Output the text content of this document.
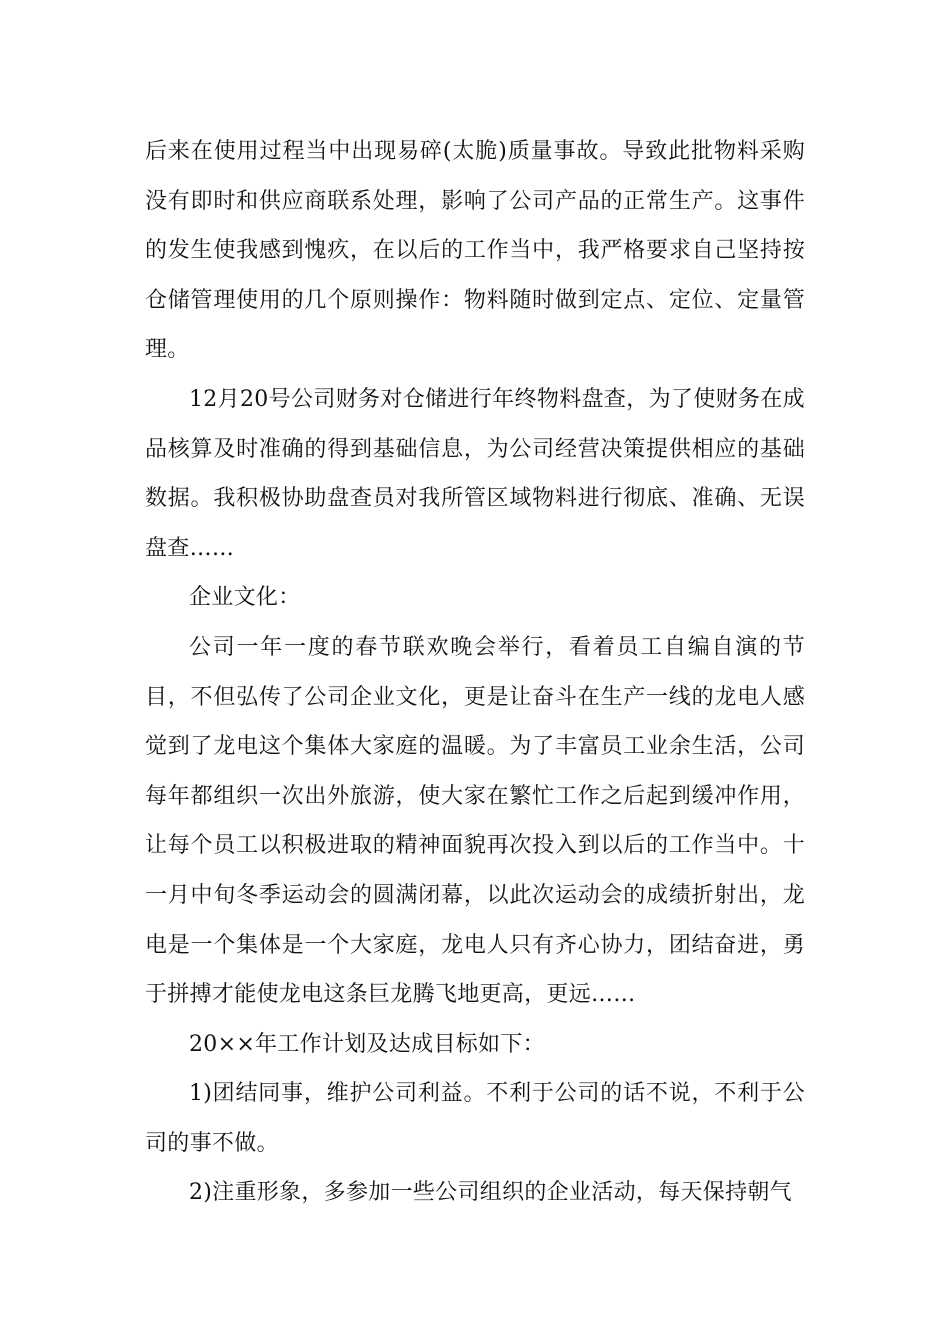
后来在使用过程当中出现易碎(太脆)质量事故。导致此批物料采购没有即时和供应商联系处理，影响了公司产品的正常生产。这事件的发生使我感到愧疚，在以后的工作当中，我严格要求自己坚持按仓储管理使用的几个原则操作：物料随时做到定点、定位、定量管理。

12月20号公司财务对仓储进行年终物料盘查，为了使财务在成品核算及时准确的得到基础信息，为公司经营决策提供相应的基础数据。我积极协助盘查员对我所管区域物料进行彻底、准确、无误盘查……

企业文化：

公司一年一度的春节联欢晚会举行，看着员工自编自演的节目，不但弘传了公司企业文化，更是让奋斗在生产一线的龙电人感觉到了龙电这个集体大家庭的温暖。为了丰富员工业余生活，公司每年都组织一次出外旅游，使大家在繁忙工作之后起到缓冲作用，让每个员工以积极进取的精神面貌再次投入到以后的工作当中。十一月中旬冬季运动会的圆满闭幕，以此次运动会的成绩折射出，龙电是一个集体是一个大家庭，龙电人只有齐心协力，团结奋进，勇于拼搏才能使龙电这条巨龙腾飞地更高，更远……

20××年工作计划及达成目标如下：

1)团结同事，维护公司利益。不利于公司的话不说，不利于公司的事不做。

2)注重形象，多参加一些公司组织的企业活动，每天保持朝气
